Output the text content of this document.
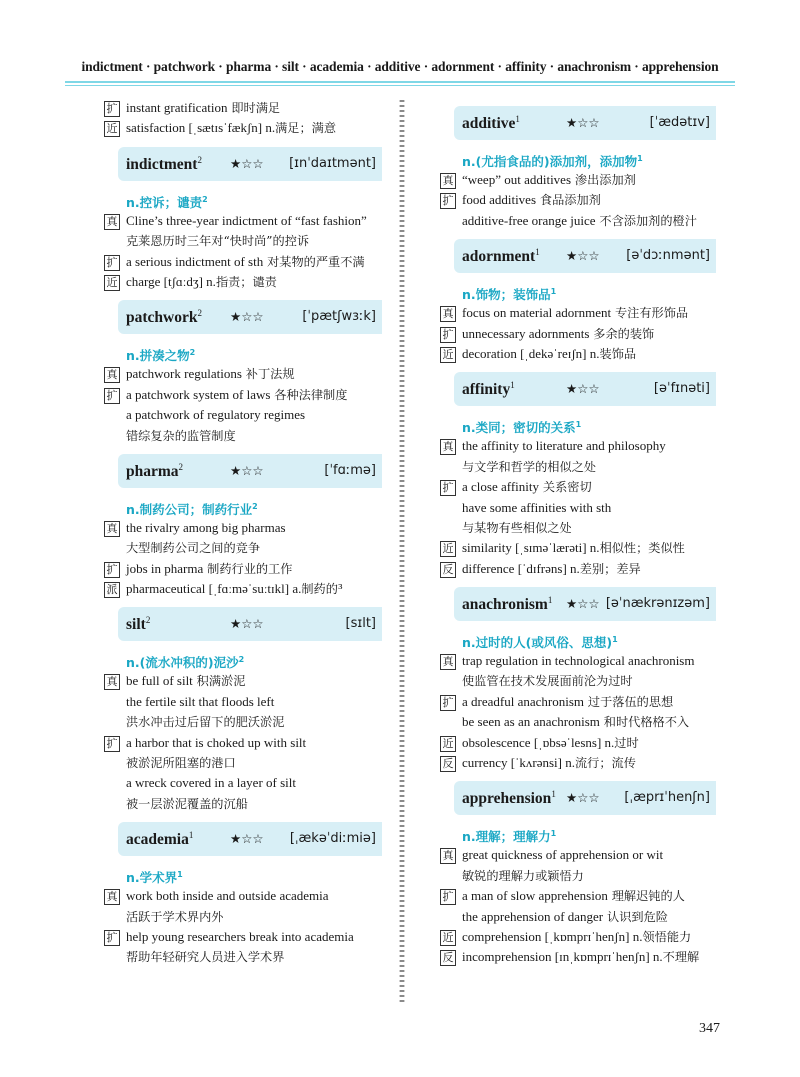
indictment · patchwork · pharma · silt · academia · additive · adornment · affinity · anachronism · apprehension
扩 instant gratification 即时满足
近 satisfaction [ˌsætɪsˈfækʃn] n.满足；满意
indictment$^2$ ★☆☆ [ɪnˈdaɪtmənt]
n.控诉；谴责$^2$
真 Cline’s three-year indictment of “fast fashion”
克莱恩历时三年对“快时尚”的控诉
扩 a serious indictment of sth 对某物的严重不满
近 charge [tʃɑːdʒ] n.指责；谴责
patchwork$^2$ ★☆☆	[ˈpætʃwɜːk]
n.拼凑之物$^2$
真 patchwork regulations 补丁法规
扩 a patchwork system of laws 各种法律制度
a patchwork of regulatory regimes
错综复杂的监管制度
pharma$^2$	★☆☆	[ˈfɑːmə]
n.制药公司；制药行业$^2$
真 the rivalry among big pharmas
大型制药公司之间的竞争
扩 jobs in pharma 制药行业的工作
派 pharmaceutical [ˌfɑːməˈsuːtɪkl] a.制药的³
silt$^2$	★☆☆	[sɪlt]
n.(流水冲积的)泥沙$^2$
真 be full of silt 积满淤泥
the fertile silt that floods left
洪水冲击过后留下的肥沃淤泥
扩 a harbor that is choked up with silt
被淤泥所阻塞的港口
a wreck covered in a layer of silt
被一层淤泥覆盖的沉船
academia$^1$	★☆☆ [ˌækəˈdiːmiə]
n.学术界$^1$
真 work both inside and outside academia
活跃于学术界内外
扩 help young researchers break into academia
帮助年轻研究人员进入学术界
additive$^1$	★☆☆	[ˈædətɪv]
n.(尤指食品的)添加剂，添加物$^1$
真 “weep” out additives 渗出添加剂
扩 food additives 食品添加剂
additive-free orange juice 不含添加剂的橙汁
adornment$^1$ ★☆☆ [əˈdɔːnmənt]
n.饰物；装饰品$^1$
真 focus on material adornment 专注有形饰品
扩 unnecessary adornments 多余的装饰
近 decoration [ˌdekəˈreɪʃn] n.装饰品
affinity$^1$	★☆☆	[əˈfɪnəti]
n.类同；密切的关系$^1$
真 the affinity to literature and philosophy
与文学和哲学的相似之处
扩 a close affinity 关系密切
have some affinities with sth
与某物有些相似之处
近 similarity [ˌsɪməˈlærəti] n.相似性；类似性
反 difference [ˈdɪfrəns] n.差别；差异
anachronism$^1$ ★☆☆ [əˈnækrənɪzəm]
n.过时的人(或风俗、思想)$^1$
真 trap regulation in technological anachronism
使监管在技术发展面前沦为过时
扩 a dreadful anachronism 过于落伍的思想
be seen as an anachronism 和时代格格不入
近 obsolescence [ˌɒbsəˈlesns] n.过时
反 currency [ˈkʌrənsi] n.流行；流传
apprehension$^1$ ★☆☆ [ˌæprɪˈhenʃn]
n.理解；理解力$^1$
真 great quickness of apprehension or wit
敏锐的理解力或颖悟力
扩 a man of slow apprehension 理解迟钝的人
the apprehension of danger 认识到危险
近 comprehension [ˌkɒmprɪˈhenʃn] n.领悟能力
反 incomprehension [ɪnˌkɒmprɪˈhenʃn] n.不理解
347
